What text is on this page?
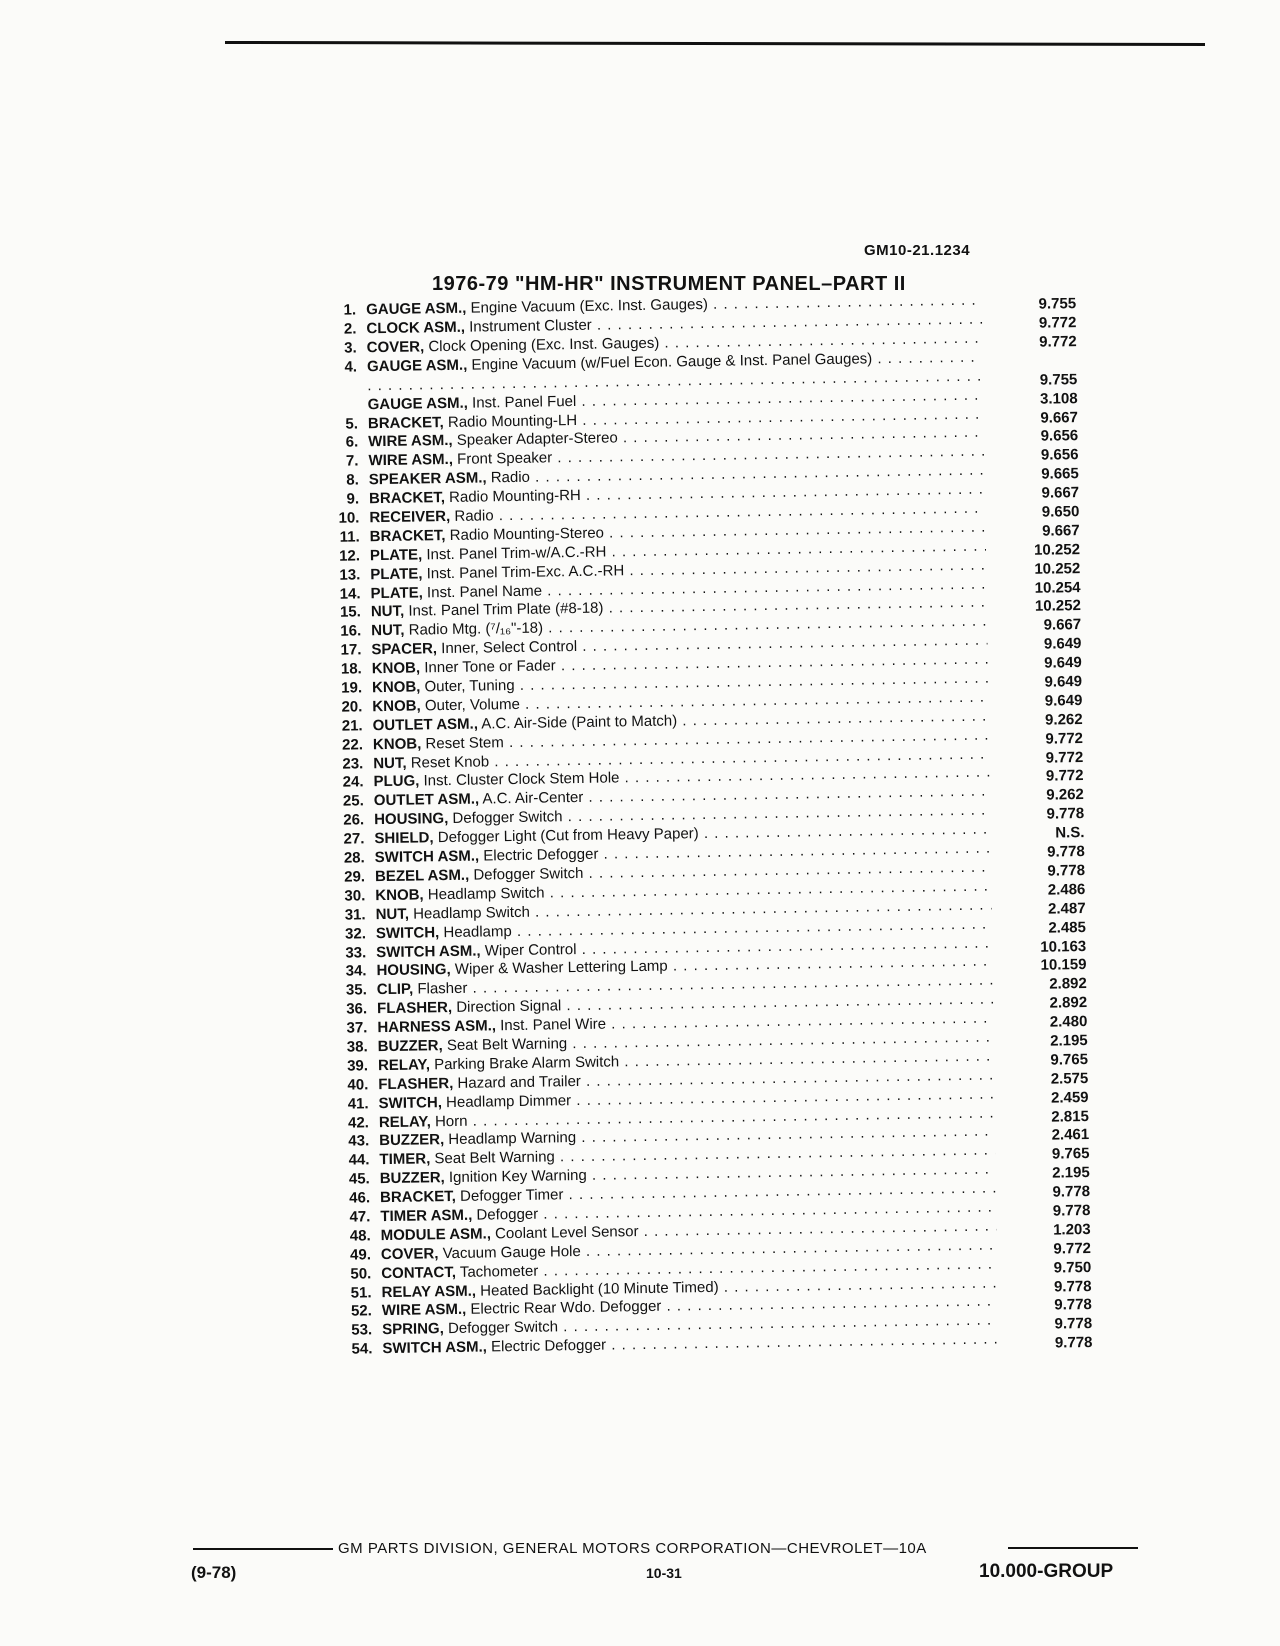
GM10-21.1234
1976-79 "HM-HR" INSTRUMENT PANEL–PART II
1. GAUGE ASM., Engine Vacuum (Exc. Inst. Gauges) . . .	9.755
2. CLOCK ASM., Instrument Cluster . . .	9.772
3. COVER, Clock Opening (Exc. Inst. Gauges) . . .	9.772
4. GAUGE ASM., Engine Vacuum (w/Fuel Econ. Gauge & Inst. Panel Gauges) . . .
9.755
GAUGE ASM., Inst. Panel Fuel . . .	3.108
5. BRACKET, Radio Mounting-LH . . .	9.667
6. WIRE ASM., Speaker Adapter-Stereo . . .	9.656
7. WIRE ASM., Front Speaker . . .	9.656
8. SPEAKER ASM., Radio . . .	9.665
9. BRACKET, Radio Mounting-RH . . .	9.667
10. RECEIVER, Radio . . .	9.650
11. BRACKET, Radio Mounting-Stereo . . .	9.667
12. PLATE, Inst. Panel Trim-w/A.C.-RH . . .	10.252
13. PLATE, Inst. Panel Trim-Exc. A.C.-RH . . .	10.252
14. PLATE, Inst. Panel Name . . .	10.254
15. NUT, Inst. Panel Trim Plate (#8-18) . . .	10.252
16. NUT, Radio Mtg. (⁷/₁₆"-18) . . .	9.667
17. SPACER, Inner, Select Control . . .	9.649
18. KNOB, Inner Tone or Fader . . .	9.649
19. KNOB, Outer, Tuning . . .	9.649
20. KNOB, Outer, Volume . . .	9.649
21. OUTLET ASM., A.C. Air-Side (Paint to Match) . . .	9.262
22. KNOB, Reset Stem . . .	9.772
23. NUT, Reset Knob . . .	9.772
24. PLUG, Inst. Cluster Clock Stem Hole . . .	9.772
25. OUTLET ASM., A.C. Air-Center . . .	9.262
26. HOUSING, Defogger Switch . . .	9.778
27. SHIELD, Defogger Light (Cut from Heavy Paper) . . .	N.S.
28. SWITCH ASM., Electric Defogger . . .	9.778
29. BEZEL ASM., Defogger Switch . . .	9.778
30. KNOB, Headlamp Switch . . .	2.486
31. NUT, Headlamp Switch . . .	2.487
32. SWITCH, Headlamp . . .	2.485
33. SWITCH ASM., Wiper Control . . .	10.163
34. HOUSING, Wiper & Washer Lettering Lamp . . .	10.159
35. CLIP, Flasher . . .	2.892
36. FLASHER, Direction Signal . . .	2.892
37. HARNESS ASM., Inst. Panel Wire . . .	2.480
38. BUZZER, Seat Belt Warning . . .	2.195
39. RELAY, Parking Brake Alarm Switch . . .	9.765
40. FLASHER, Hazard and Trailer . . .	2.575
41. SWITCH, Headlamp Dimmer . . .	2.459
42. RELAY, Horn . . .	2.815
43. BUZZER, Headlamp Warning . . .	2.461
44. TIMER, Seat Belt Warning . . .	9.765
45. BUZZER, Ignition Key Warning . . .	2.195
46. BRACKET, Defogger Timer . . .	9.778
47. TIMER ASM., Defogger . . .	9.778
48. MODULE ASM., Coolant Level Sensor . . .	1.203
49. COVER, Vacuum Gauge Hole . . .	9.772
50. CONTACT, Tachometer . . .	9.750
51. RELAY ASM., Heated Backlight (10 Minute Timed) . . .	9.778
52. WIRE ASM., Electric Rear Wdo. Defogger . . .	9.778
53. SPRING, Defogger Switch . . .	9.778
54. SWITCH ASM., Electric Defogger . . .	9.778
GM PARTS DIVISION, GENERAL MOTORS CORPORATION—CHEVROLET—10A
(9-78)	10-31	10.000-GROUP
